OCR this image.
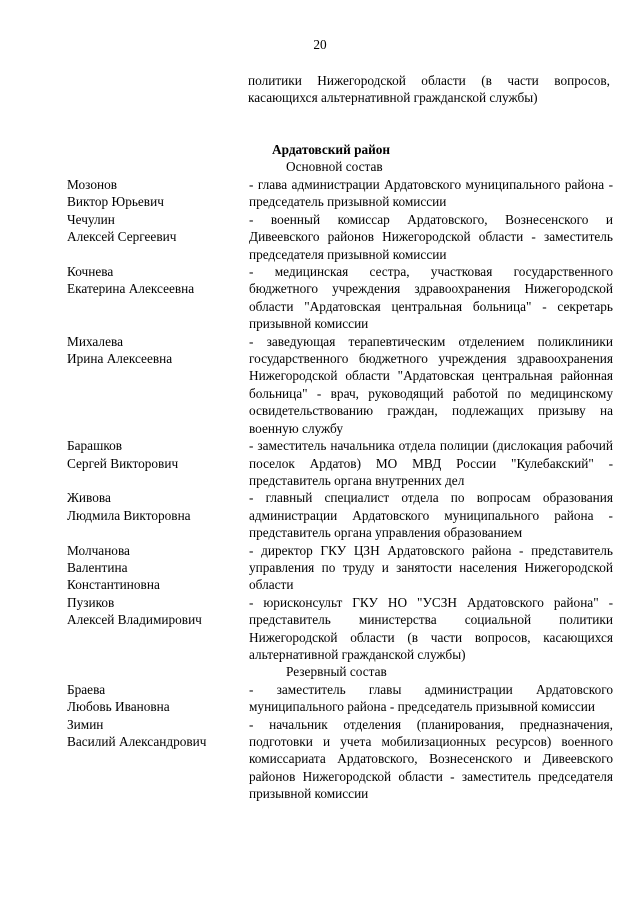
20
политики Нижегородской области (в части вопросов, касающихся альтернативной гражданской службы)
Ардатовский район
Основной состав
Мозонов
Виктор Юрьевич
- глава администрации Ардатовского муниципального района - председатель призывной комиссии
Чечулин
Алексей Сергеевич
- военный комиссар Ардатовского, Вознесенского и Дивеевского районов Нижегородской области - заместитель председателя призывной комиссии
Кочнева
Екатерина Алексеевна
- медицинская сестра, участковая государственного бюджетного учреждения здравоохранения Нижегородской области "Ардатовская центральная больница" - секретарь призывной комиссии
Михалева
Ирина Алексеевна
- заведующая терапевтическим отделением поликлиники государственного бюджетного учреждения здравоохранения Нижегородской области "Ардатовская центральная районная больница" - врач, руководящий работой по медицинскому освидетельствованию граждан, подлежащих призыву на военную службу
Барашков
Сергей Викторович
- заместитель начальника отдела полиции (дислокация рабочий поселок Ардатов) МО МВД России "Кулебакский" - представитель органа внутренних дел
Живова
Людмила Викторовна
- главный специалист отдела по вопросам образования администрации Ардатовского муниципального района - представитель органа управления образованием
Молчанова
Валентина
Константиновна
- директор ГКУ ЦЗН Ардатовского района - представитель управления по труду и занятости населения Нижегородской области
Пузиков
Алексей Владимирович
- юрисконсульт ГКУ НО "УСЗН Ардатовского района" - представитель министерства социальной политики Нижегородской области (в части вопросов, касающихся альтернативной гражданской службы)
Резервный состав
Браева
Любовь Ивановна
- заместитель главы администрации Ардатовского муниципального района - председатель призывной комиссии
Зимин
Василий Александрович
- начальник отделения (планирования, предназначения, подготовки и учета мобилизационных ресурсов) военного комиссариата Ардатовского, Вознесенского и Дивеевского районов Нижегородской области - заместитель председателя призывной комиссии
